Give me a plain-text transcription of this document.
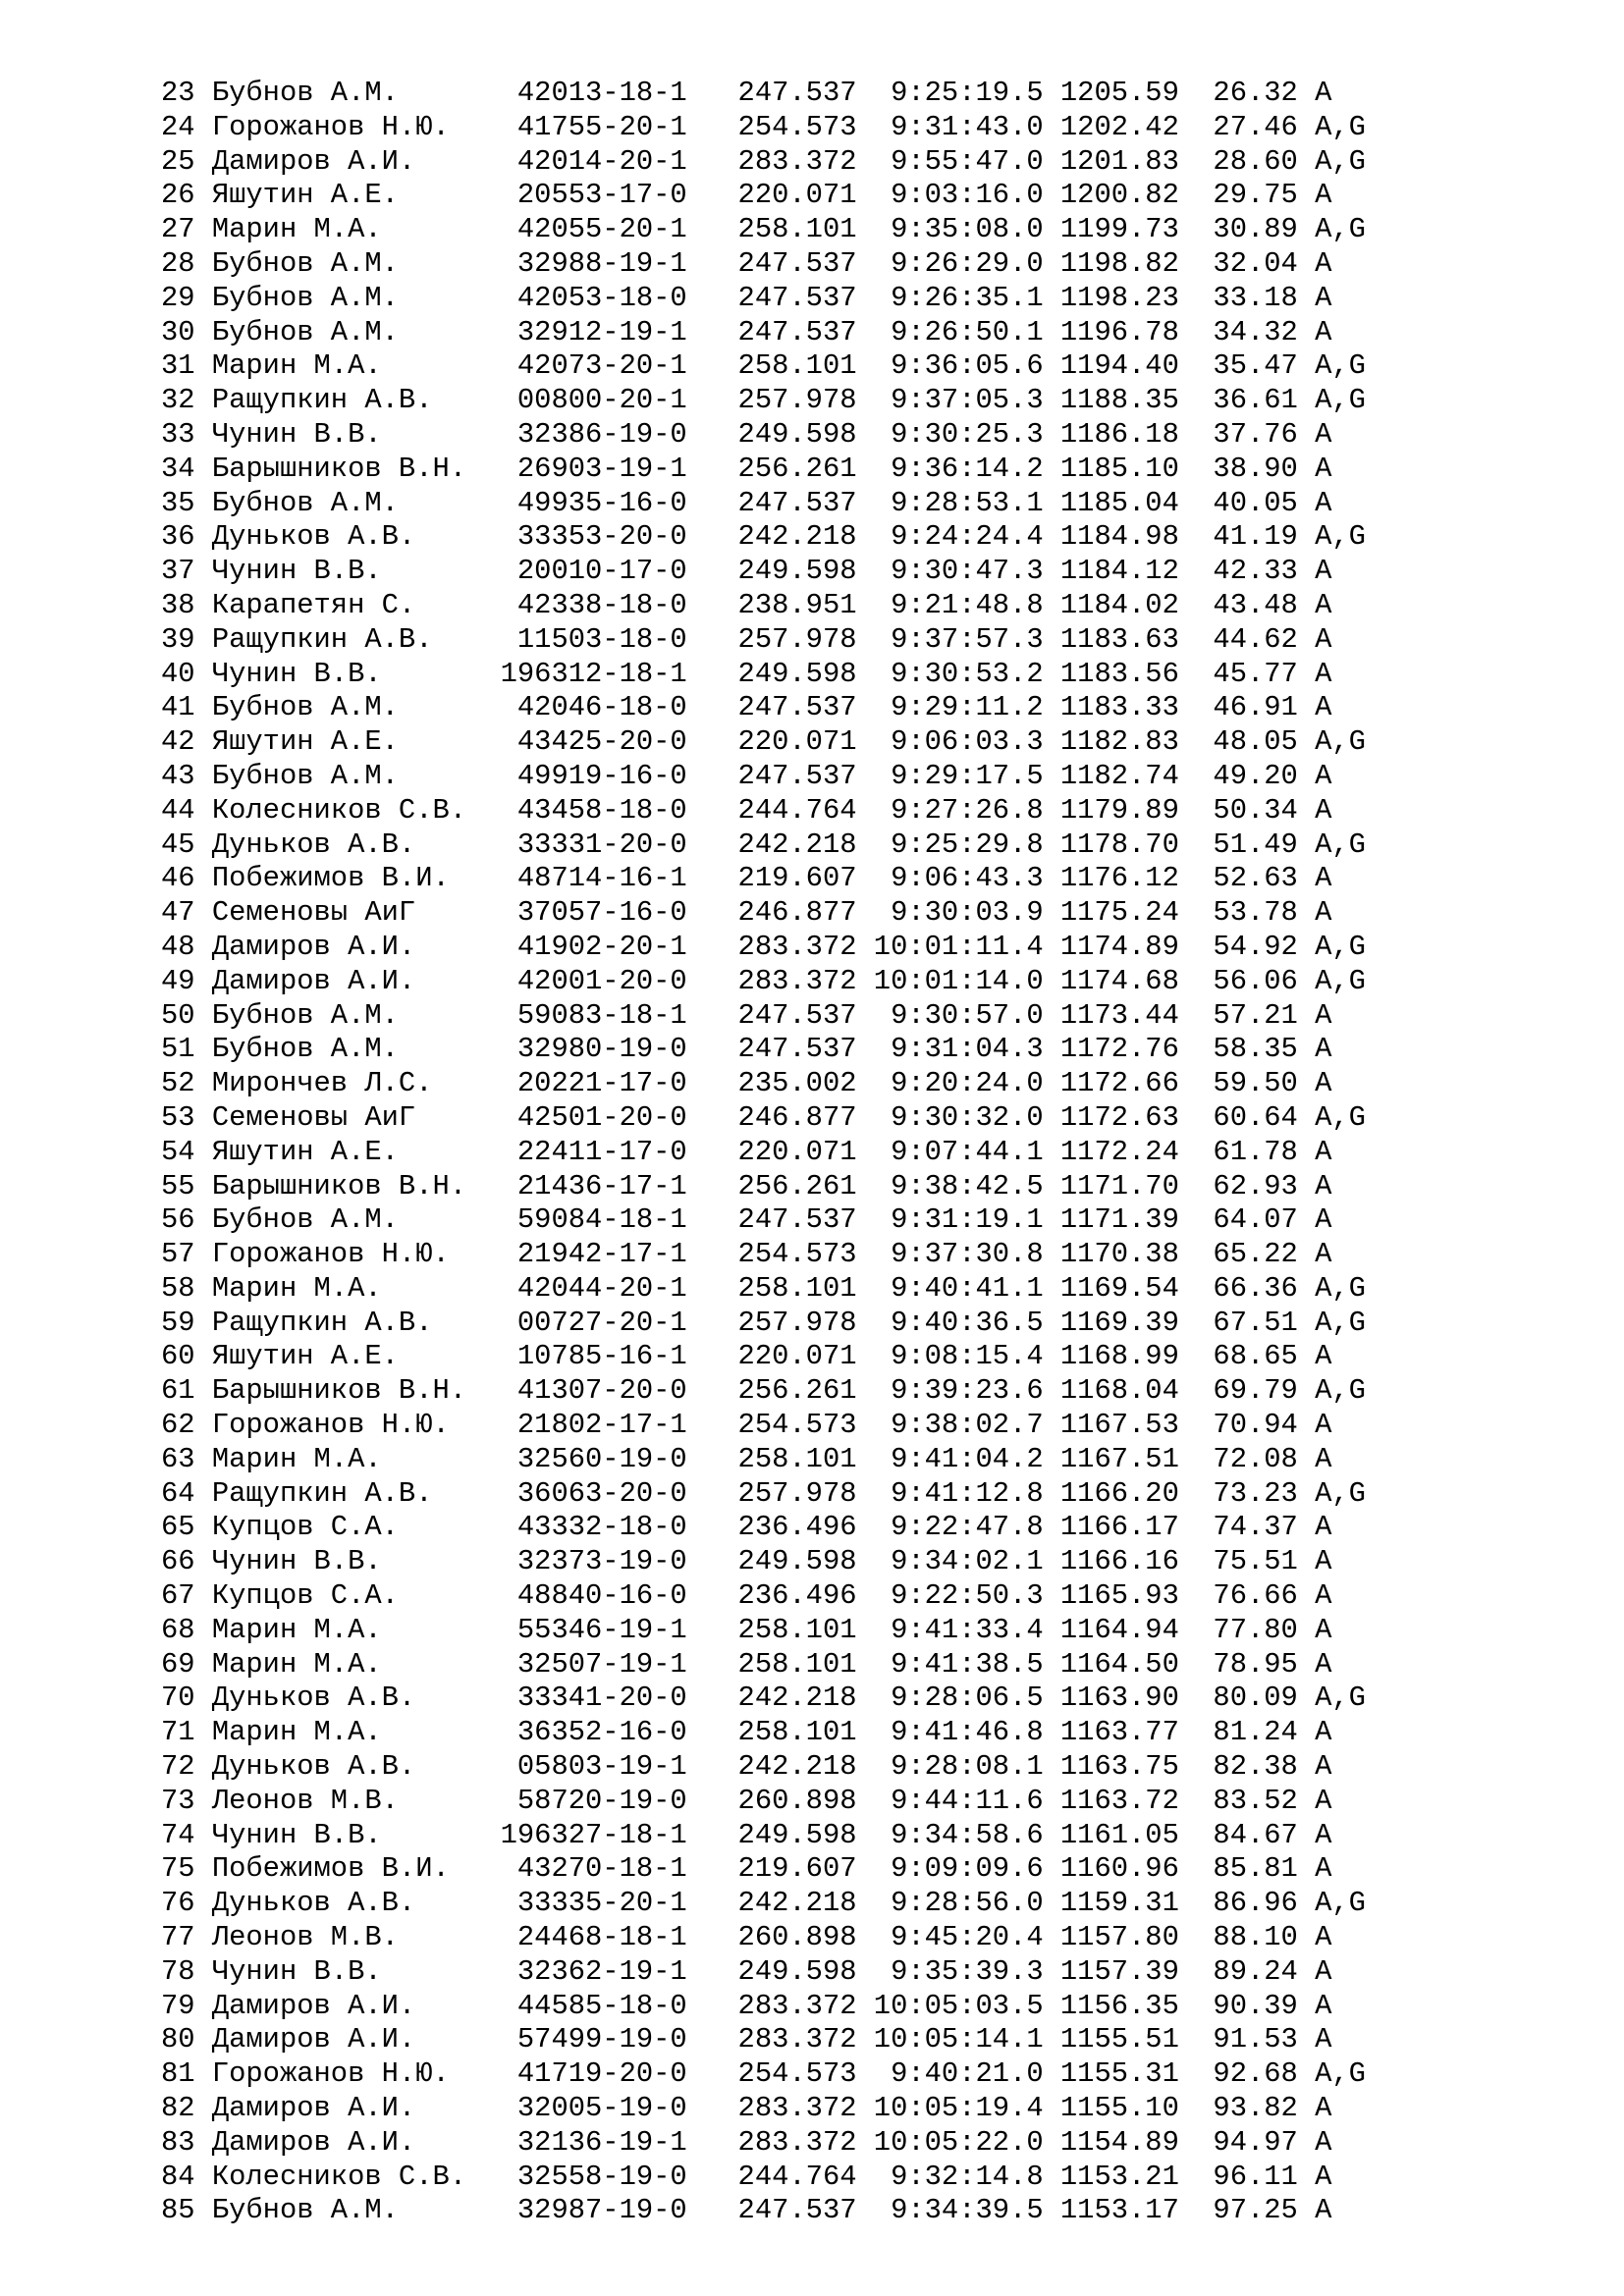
23 Бубнов А.М.       42013-18-1   247.537  9:25:19.5 1205.59  26.32 A
24 Горожанов Н.Ю.    41755-20-1   254.573  9:31:43.0 1202.42  27.46 A,G
25 Дамиров А.И.      42014-20-1   283.372  9:55:47.0 1201.83  28.60 A,G
26 Яшутин А.Е.       20553-17-0   220.071  9:03:16.0 1200.82  29.75 A
27 Марин М.А.        42055-20-1   258.101  9:35:08.0 1199.73  30.89 A,G
28 Бубнов А.М.       32988-19-1   247.537  9:26:29.0 1198.82  32.04 A
29 Бубнов А.М.       42053-18-0   247.537  9:26:35.1 1198.23  33.18 A
30 Бубнов А.М.       32912-19-1   247.537  9:26:50.1 1196.78  34.32 A
31 Марин М.А.        42073-20-1   258.101  9:36:05.6 1194.40  35.47 A,G
32 Ращупкин А.В.     00800-20-1   257.978  9:37:05.3 1188.35  36.61 A,G
33 Чунин В.В.        32386-19-0   249.598  9:30:25.3 1186.18  37.76 A
34 Барышников В.Н.   26903-19-1   256.261  9:36:14.2 1185.10  38.90 A
35 Бубнов А.М.       49935-16-0   247.537  9:28:53.1 1185.04  40.05 A
36 Дуньков А.В.      33353-20-0   242.218  9:24:24.4 1184.98  41.19 A,G
37 Чунин В.В.        20010-17-0   249.598  9:30:47.3 1184.12  42.33 A
38 Карапетян С.      42338-18-0   238.951  9:21:48.8 1184.02  43.48 A
39 Ращупкин А.В.     11503-18-0   257.978  9:37:57.3 1183.63  44.62 A
40 Чунин В.В.       196312-18-1   249.598  9:30:53.2 1183.56  45.77 A
41 Бубнов А.М.       42046-18-0   247.537  9:29:11.2 1183.33  46.91 A
42 Яшутин А.Е.       43425-20-0   220.071  9:06:03.3 1182.83  48.05 A,G
43 Бубнов А.М.       49919-16-0   247.537  9:29:17.5 1182.74  49.20 A
44 Колесников С.В.   43458-18-0   244.764  9:27:26.8 1179.89  50.34 A
45 Дуньков А.В.      33331-20-0   242.218  9:25:29.8 1178.70  51.49 A,G
46 Побежимов В.И.    48714-16-1   219.607  9:06:43.3 1176.12  52.63 A
47 Семеновы АиГ      37057-16-0   246.877  9:30:03.9 1175.24  53.78 A
48 Дамиров А.И.      41902-20-1   283.372 10:01:11.4 1174.89  54.92 A,G
49 Дамиров А.И.      42001-20-0   283.372 10:01:14.0 1174.68  56.06 A,G
50 Бубнов А.М.       59083-18-1   247.537  9:30:57.0 1173.44  57.21 A
51 Бубнов А.М.       32980-19-0   247.537  9:31:04.3 1172.76  58.35 A
52 Мирончев Л.С.     20221-17-0   235.002  9:20:24.0 1172.66  59.50 A
53 Семеновы АиГ      42501-20-0   246.877  9:30:32.0 1172.63  60.64 A,G
54 Яшутин А.Е.       22411-17-0   220.071  9:07:44.1 1172.24  61.78 A
55 Барышников В.Н.   21436-17-1   256.261  9:38:42.5 1171.70  62.93 A
56 Бубнов А.М.       59084-18-1   247.537  9:31:19.1 1171.39  64.07 A
57 Горожанов Н.Ю.    21942-17-1   254.573  9:37:30.8 1170.38  65.22 A
58 Марин М.А.        42044-20-1   258.101  9:40:41.1 1169.54  66.36 A,G
59 Ращупкин А.В.     00727-20-1   257.978  9:40:36.5 1169.39  67.51 A,G
60 Яшутин А.Е.       10785-16-1   220.071  9:08:15.4 1168.99  68.65 A
61 Барышников В.Н.   41307-20-0   256.261  9:39:23.6 1168.04  69.79 A,G
62 Горожанов Н.Ю.    21802-17-1   254.573  9:38:02.7 1167.53  70.94 A
63 Марин М.А.        32560-19-0   258.101  9:41:04.2 1167.51  72.08 A
64 Ращупкин А.В.     36063-20-0   257.978  9:41:12.8 1166.20  73.23 A,G
65 Купцов С.А.       43332-18-0   236.496  9:22:47.8 1166.17  74.37 A
66 Чунин В.В.        32373-19-0   249.598  9:34:02.1 1166.16  75.51 A
67 Купцов С.А.       48840-16-0   236.496  9:22:50.3 1165.93  76.66 A
68 Марин М.А.        55346-19-1   258.101  9:41:33.4 1164.94  77.80 A
69 Марин М.А.        32507-19-1   258.101  9:41:38.5 1164.50  78.95 A
70 Дуньков А.В.      33341-20-0   242.218  9:28:06.5 1163.90  80.09 A,G
71 Марин М.А.        36352-16-0   258.101  9:41:46.8 1163.77  81.24 A
72 Дуньков А.В.      05803-19-1   242.218  9:28:08.1 1163.75  82.38 A
73 Леонов М.В.       58720-19-0   260.898  9:44:11.6 1163.72  83.52 A
74 Чунин В.В.       196327-18-1   249.598  9:34:58.6 1161.05  84.67 A
75 Побежимов В.И.    43270-18-1   219.607  9:09:09.6 1160.96  85.81 A
76 Дуньков А.В.      33335-20-1   242.218  9:28:56.0 1159.31  86.96 A,G
77 Леонов М.В.       24468-18-1   260.898  9:45:20.4 1157.80  88.10 A
78 Чунин В.В.        32362-19-1   249.598  9:35:39.3 1157.39  89.24 A
79 Дамиров А.И.      44585-18-0   283.372 10:05:03.5 1156.35  90.39 A
80 Дамиров А.И.      57499-19-0   283.372 10:05:14.1 1155.51  91.53 A
81 Горожанов Н.Ю.    41719-20-0   254.573  9:40:21.0 1155.31  92.68 A,G
82 Дамиров А.И.      32005-19-0   283.372 10:05:19.4 1155.10  93.82 A
83 Дамиров А.И.      32136-19-1   283.372 10:05:22.0 1154.89  94.97 A
84 Колесников С.В.   32558-19-0   244.764  9:32:14.8 1153.21  96.11 A
85 Бубнов А.М.       32987-19-0   247.537  9:34:39.5 1153.17  97.25 A
